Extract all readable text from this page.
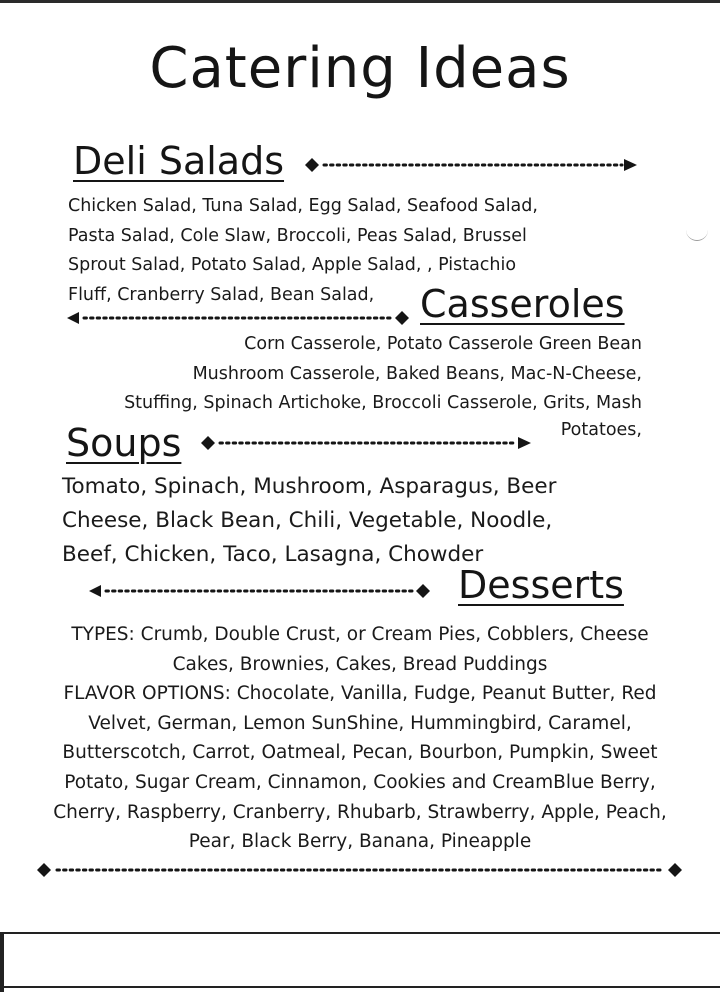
Catering Ideas
Deli Salads
Chicken Salad, Tuna Salad, Egg Salad, Seafood Salad,
Pasta Salad, Cole Slaw, Broccoli, Peas Salad, Brussel
Sprout Salad, Potato Salad, Apple Salad, , Pistachio
Fluff, Cranberry Salad, Bean Salad,	Casseroles
Corn Casserole, Potato Casserole Green Bean
Mushroom Casserole, Baked Beans, Mac-N-Cheese,
Stuffing, Spinach Artichoke, Broccoli Casserole, Grits, Mash
Potatoes,
Soups
Tomato, Spinach, Mushroom, Asparagus, Beer
Cheese, Black Bean, Chili, Vegetable, Noodle,
Beef, Chicken, Taco, Lasagna, Chowder
Desserts
TYPES: Crumb, Double Crust, or Cream Pies, Cobblers, Cheese
Cakes, Brownies, Cakes, Bread Puddings
FLAVOR OPTIONS: Chocolate, Vanilla, Fudge, Peanut Butter, Red
Velvet, German, Lemon SunShine, Hummingbird, Caramel,
Butterscotch, Carrot, Oatmeal, Pecan, Bourbon, Pumpkin, Sweet
Potato, Sugar Cream, Cinnamon, Cookies and CreamBlue Berry,
Cherry, Raspberry, Cranberry, Rhubarb, Strawberry, Apple, Peach,
Pear, Black Berry, Banana, Pineapple
